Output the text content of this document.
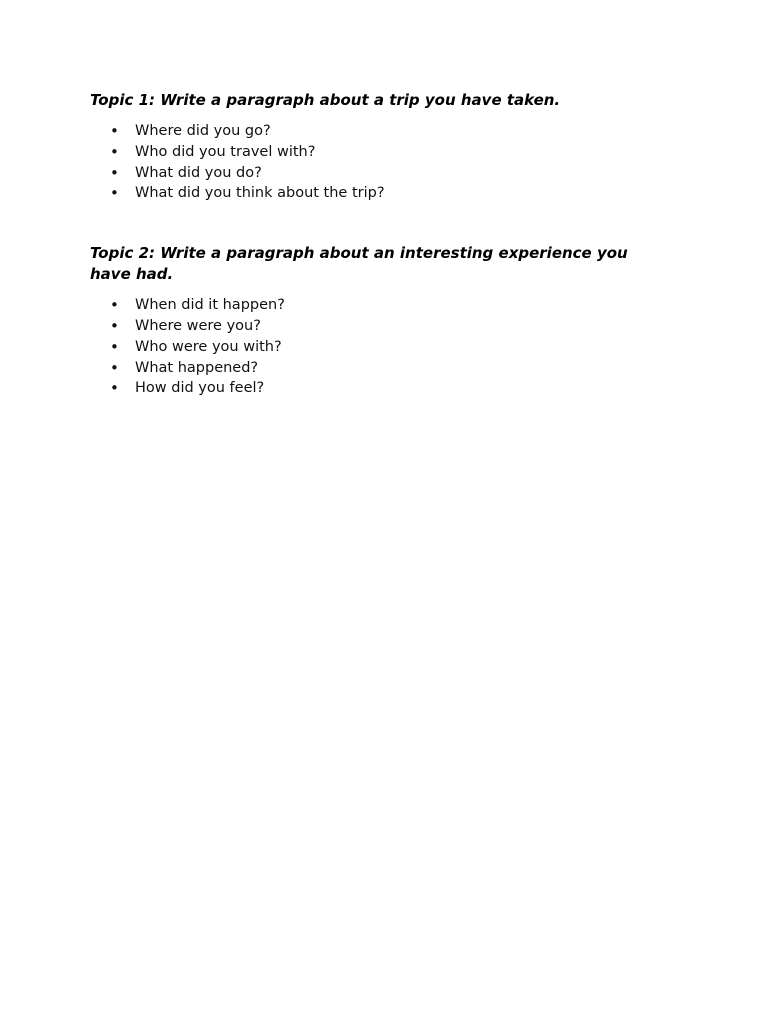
Topic 1: Write a paragraph about a trip you have taken.

• Where did you go?
• Who did you travel with?
• What did you do?
• What did you think about the trip?

Topic 2: Write a paragraph about an interesting experience you have had.

• When did it happen?
• Where were you?
• Who were you with?
• What happened?
• How did you feel?
